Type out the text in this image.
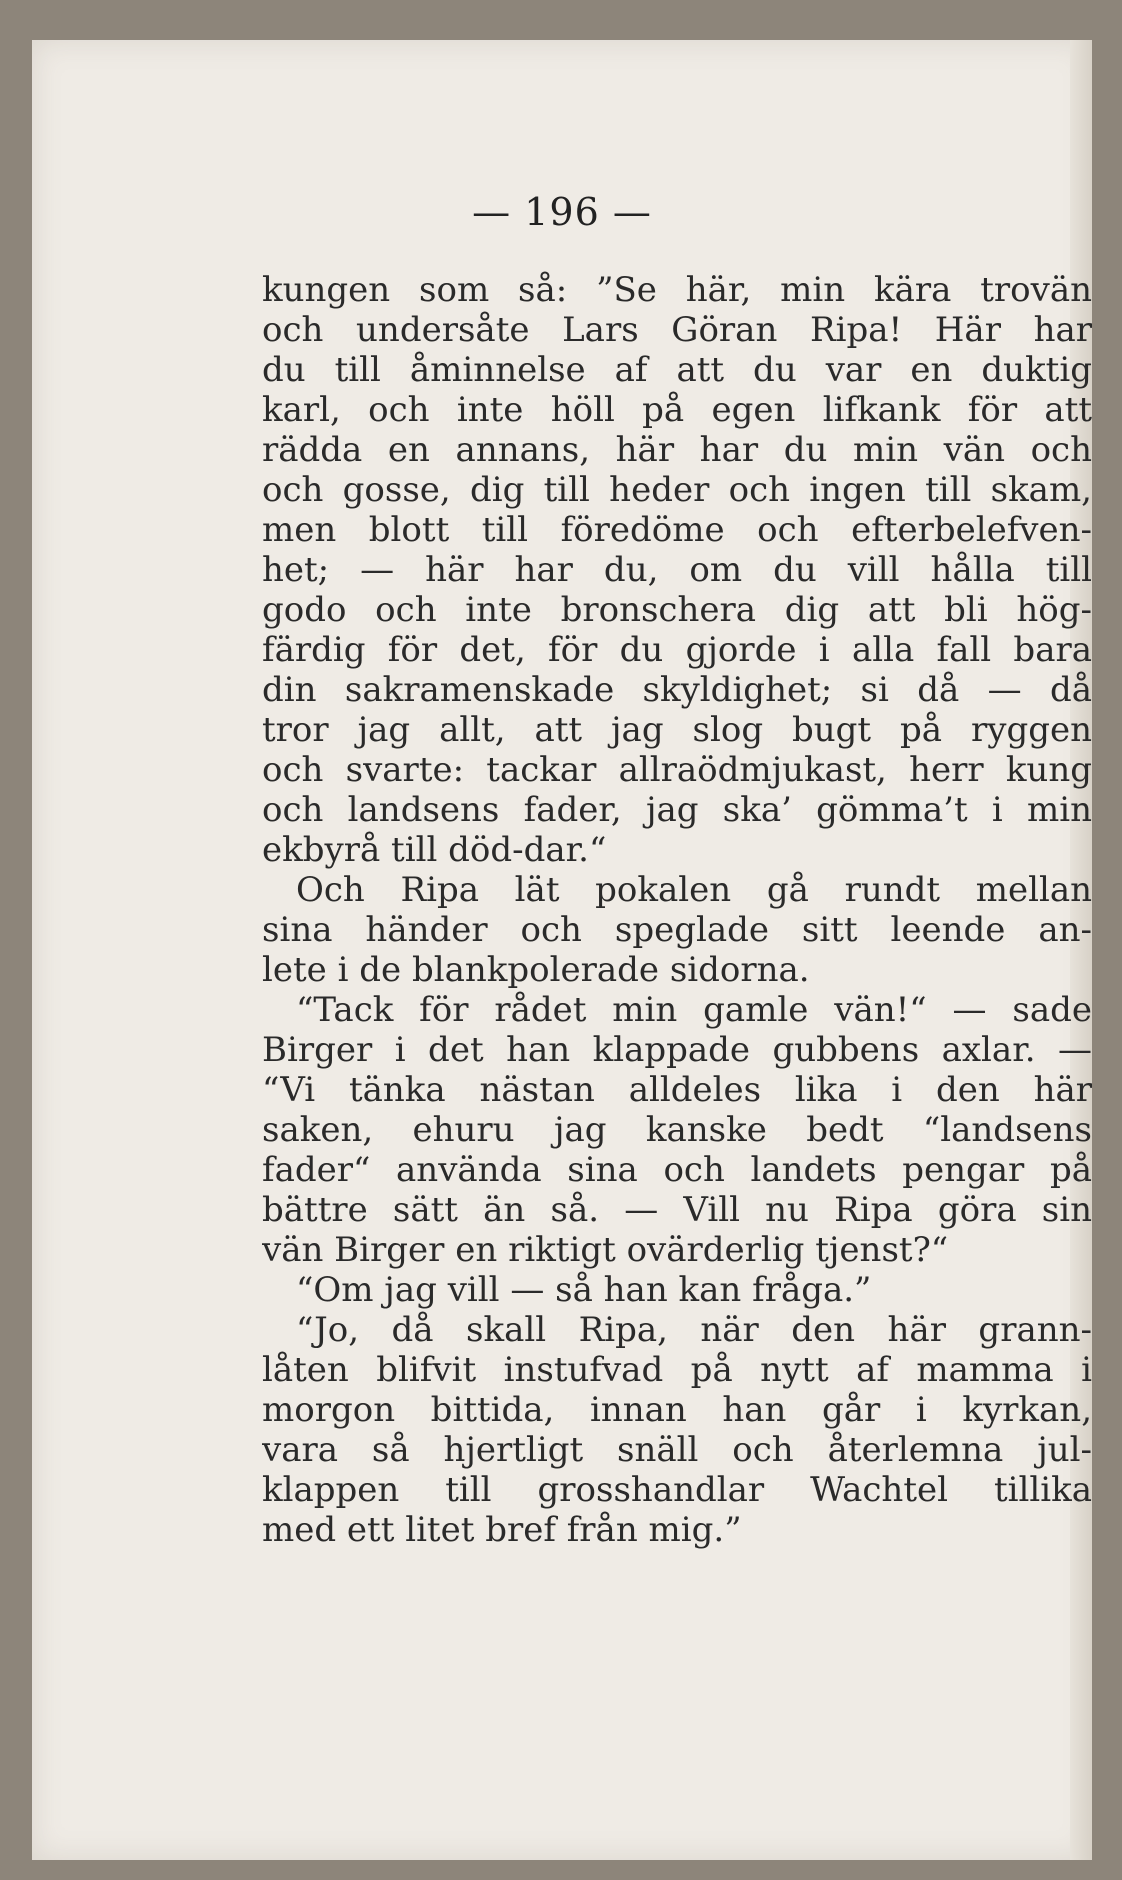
— 196 —
kungen som så: ”Se här, min kära trovän
och undersåte Lars Göran Ripa! Här har
du till åminnelse af att du var en duktig
karl, och inte höll på egen lifkank för att
rädda en annans, här har du min vän och
och gosse, dig till heder och ingen till skam,
men blott till föredöme och efterbelefven-
het; — här har du, om du vill hålla till
godo och inte bronschera dig att bli hög-
färdig för det, för du gjorde i alla fall bara
din sakramenskade skyldighet; si då — då
tror jag allt, att jag slog bugt på ryggen
och svarte: tackar allraödmjukast, herr kung
och landsens fader, jag ska’ gömma’t i min
ekbyrå till död-dar.“
Och Ripa lät pokalen gå rundt mellan
sina händer och speglade sitt leende an-
lete i de blankpolerade sidorna.
“Tack för rådet min gamle vän!“ — sade
Birger i det han klappade gubbens axlar. —
“Vi tänka nästan alldeles lika i den här
saken, ehuru jag kanske bedt “landsens
fader“ använda sina och landets pengar på
bättre sätt än så. — Vill nu Ripa göra sin
vän Birger en riktigt ovärderlig tjenst?“
“Om jag vill — så han kan fråga.”
“Jo, då skall Ripa, när den här grann-
låten blifvit instufvad på nytt af mamma i
morgon bittida, innan han går i kyrkan,
vara så hjertligt snäll och återlemna jul-
klappen till grosshandlar Wachtel tillika
med ett litet bref från mig.”
